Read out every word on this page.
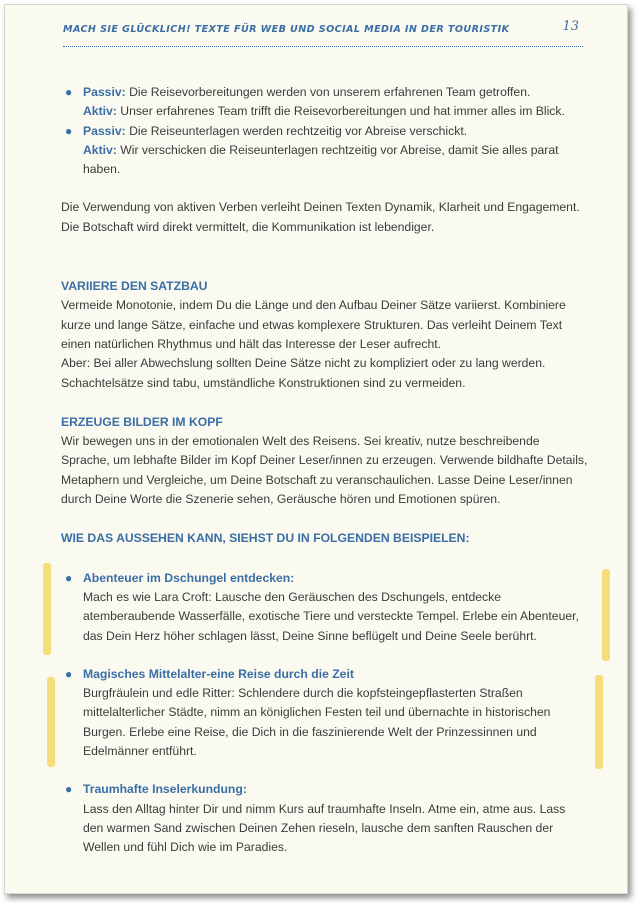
MACH SIE GLÜCKLICH! TEXTE FÜR WEB UND SOCIAL MEDIA IN DER TOURISTIK	13
● Passiv: Die Reisevorbereitungen werden von unserem erfahrenen Team getroffen.
Aktiv: Unser erfahrenes Team trifft die Reisevorbereitungen und hat immer alles im Blick.
● Passiv: Die Reiseunterlagen werden rechtzeitig vor Abreise verschickt.
Aktiv: Wir verschicken die Reiseunterlagen rechtzeitig vor Abreise, damit Sie alles parat haben.

Die Verwendung von aktiven Verben verleiht Deinen Texten Dynamik, Klarheit und Engagement. Die Botschaft wird direkt vermittelt, die Kommunikation ist lebendiger.

VARIIERE DEN SATZBAU

Vermeide Monotonie, indem Du die Länge und den Aufbau Deiner Sätze variierst. Kombiniere kurze und lange Sätze, einfache und etwas komplexere Strukturen. Das verleiht Deinem Text einen natürlichen Rhythmus und hält das Interesse der Leser aufrecht.

Aber: Bei aller Abwechslung sollten Deine Sätze nicht zu kompliziert oder zu lang werden. Schachtelsätze sind tabu, umständliche Konstruktionen sind zu vermeiden.

ERZEUGE BILDER IM KOPF

Wir bewegen uns in der emotionalen Welt des Reisens. Sei kreativ, nutze beschreibende Sprache, um lebhafte Bilder im Kopf Deiner Leser/innen zu erzeugen. Verwende bildhafte Details, Metaphern und Vergleiche, um Deine Botschaft zu veranschaulichen. Lasse Deine Leser/innen durch Deine Worte die Szenerie sehen, Geräusche hören und Emotionen spüren.

WIE DAS AUSSEHEN KANN, SIEHST DU IN FOLGENDEN BEISPIELEN:
● Abenteuer im Dschungel entdecken:
Mach es wie Lara Croft: Lausche den Geräuschen des Dschungels, entdecke atemberaubende Wasserfälle, exotische Tiere und versteckte Tempel. Erlebe ein Abenteuer, das Dein Herz höher schlagen lässt, Deine Sinne beflügelt und Deine Seele berührt.
● Magisches Mittelalter-eine Reise durch die Zeit
Burgfräulein und edle Ritter: Schlendere durch die kopfsteingepflasterten Straßen mittelalterlicher Städte, nimm an königlichen Festen teil und übernachte in historischen Burgen. Erlebe eine Reise, die Dich in die faszinierende Welt der Prinzessinnen und Edelmänner entführt.
● Traumhafte Inselerkundung:
Lass den Alltag hinter Dir und nimm Kurs auf traumhafte Inseln. Atme ein, atme aus. Lass den warmen Sand zwischen Deinen Zehen rieseln, lausche dem sanften Rauschen der Wellen und fühl Dich wie im Paradies.
